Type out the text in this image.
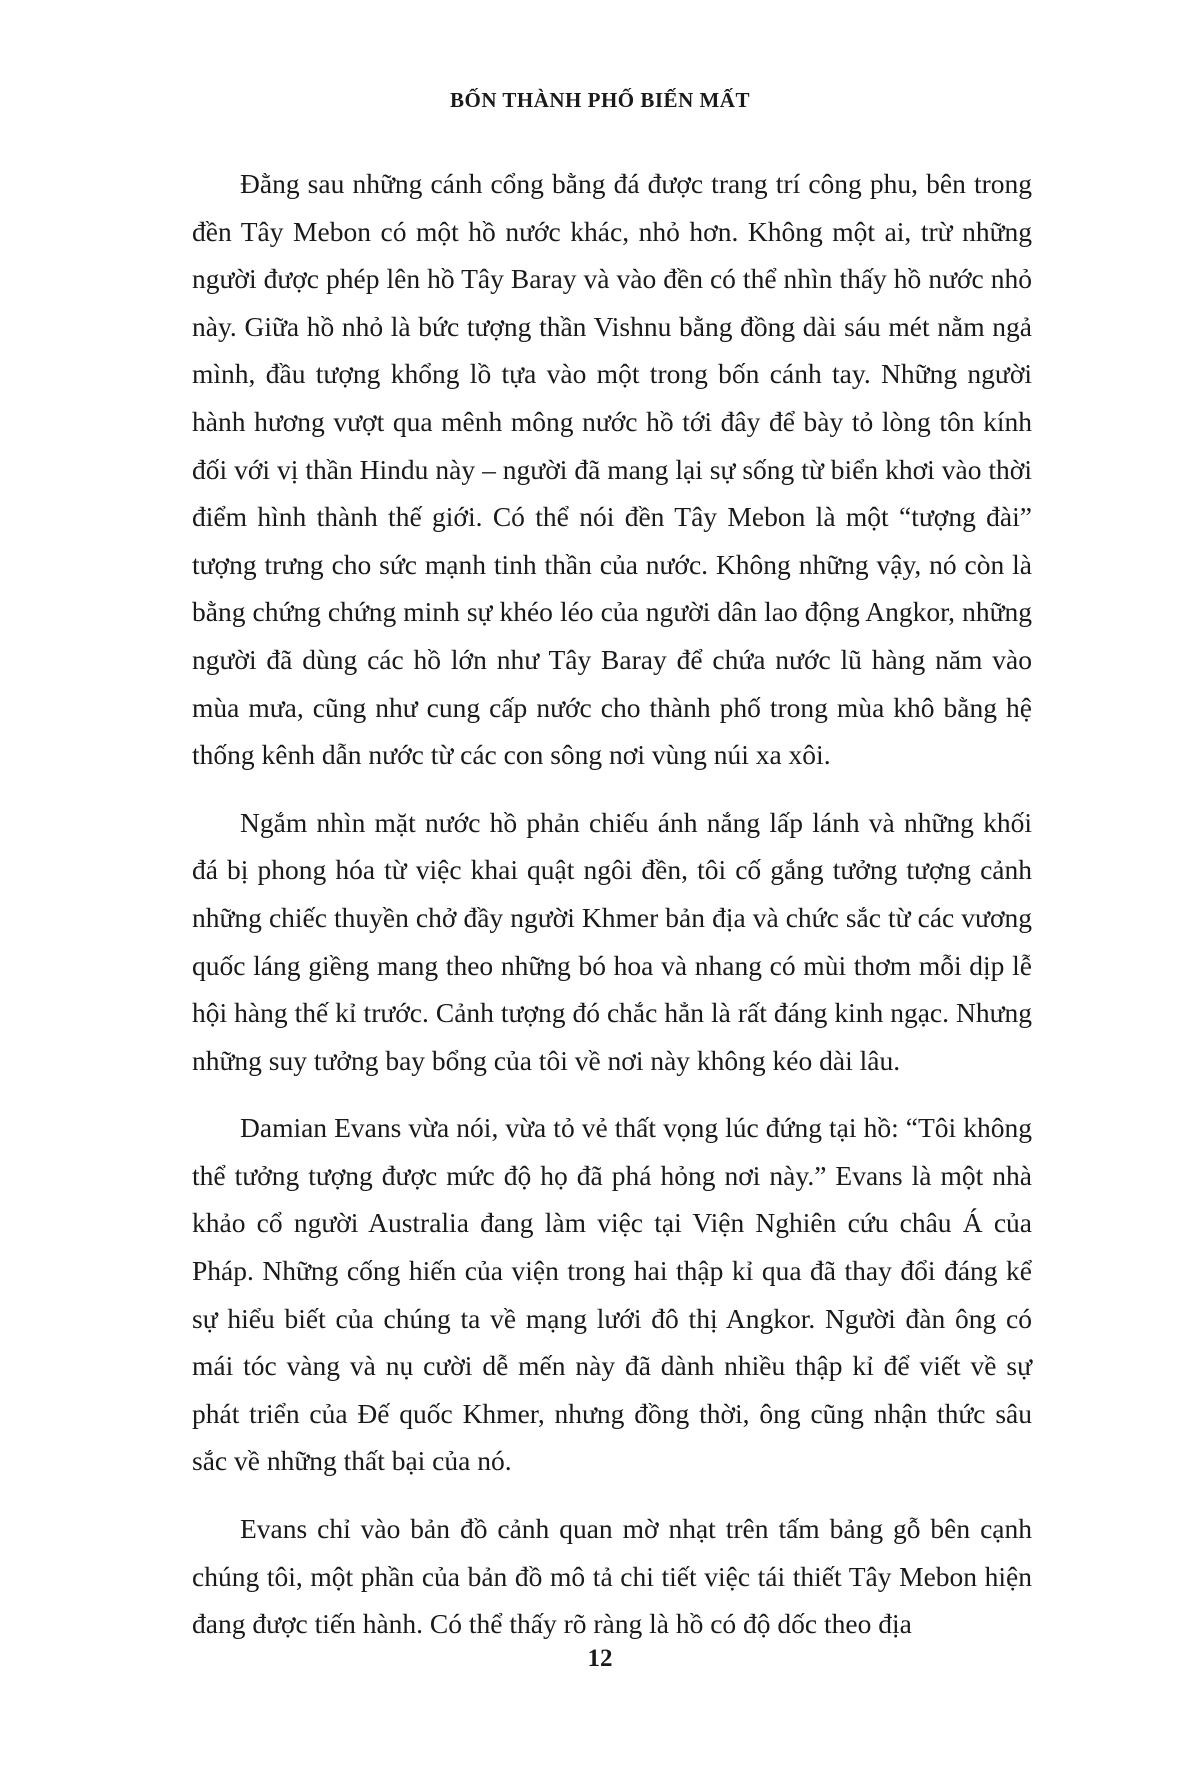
BỐN THÀNH PHỐ BIẾN MẤT

Đằng sau những cánh cổng bằng đá được trang trí công phu, bên trong đền Tây Mebon có một hồ nước khác, nhỏ hơn. Không một ai, trừ những người được phép lên hồ Tây Baray và vào đền có thể nhìn thấy hồ nước nhỏ này. Giữa hồ nhỏ là bức tượng thần Vishnu bằng đồng dài sáu mét nằm ngả mình, đầu tượng khổng lồ tựa vào một trong bốn cánh tay. Những người hành hương vượt qua mênh mông nước hồ tới đây để bày tỏ lòng tôn kính đối với vị thần Hindu này – người đã mang lại sự sống từ biển khơi vào thời điểm hình thành thế giới. Có thể nói đền Tây Mebon là một “tượng đài” tượng trưng cho sức mạnh tinh thần của nước. Không những vậy, nó còn là bằng chứng chứng minh sự khéo léo của người dân lao động Angkor, những người đã dùng các hồ lớn như Tây Baray để chứa nước lũ hàng năm vào mùa mưa, cũng như cung cấp nước cho thành phố trong mùa khô bằng hệ thống kênh dẫn nước từ các con sông nơi vùng núi xa xôi.

Ngắm nhìn mặt nước hồ phản chiếu ánh nắng lấp lánh và những khối đá bị phong hóa từ việc khai quật ngôi đền, tôi cố gắng tưởng tượng cảnh những chiếc thuyền chở đầy người Khmer bản địa và chức sắc từ các vương quốc láng giềng mang theo những bó hoa và nhang có mùi thơm mỗi dịp lễ hội hàng thế kỉ trước. Cảnh tượng đó chắc hẳn là rất đáng kinh ngạc. Nhưng những suy tưởng bay bổng của tôi về nơi này không kéo dài lâu.

Damian Evans vừa nói, vừa tỏ vẻ thất vọng lúc đứng tại hồ: “Tôi không thể tưởng tượng được mức độ họ đã phá hỏng nơi này.” Evans là một nhà khảo cổ người Australia đang làm việc tại Viện Nghiên cứu châu Á của Pháp. Những cống hiến của viện trong hai thập kỉ qua đã thay đổi đáng kể sự hiểu biết của chúng ta về mạng lưới đô thị Angkor. Người đàn ông có mái tóc vàng và nụ cười dễ mến này đã dành nhiều thập kỉ để viết về sự phát triển của Đế quốc Khmer, nhưng đồng thời, ông cũng nhận thức sâu sắc về những thất bại của nó.

Evans chỉ vào bản đồ cảnh quan mờ nhạt trên tấm bảng gỗ bên cạnh chúng tôi, một phần của bản đồ mô tả chi tiết việc tái thiết Tây Mebon hiện đang được tiến hành. Có thể thấy rõ ràng là hồ có độ dốc theo địa

12
